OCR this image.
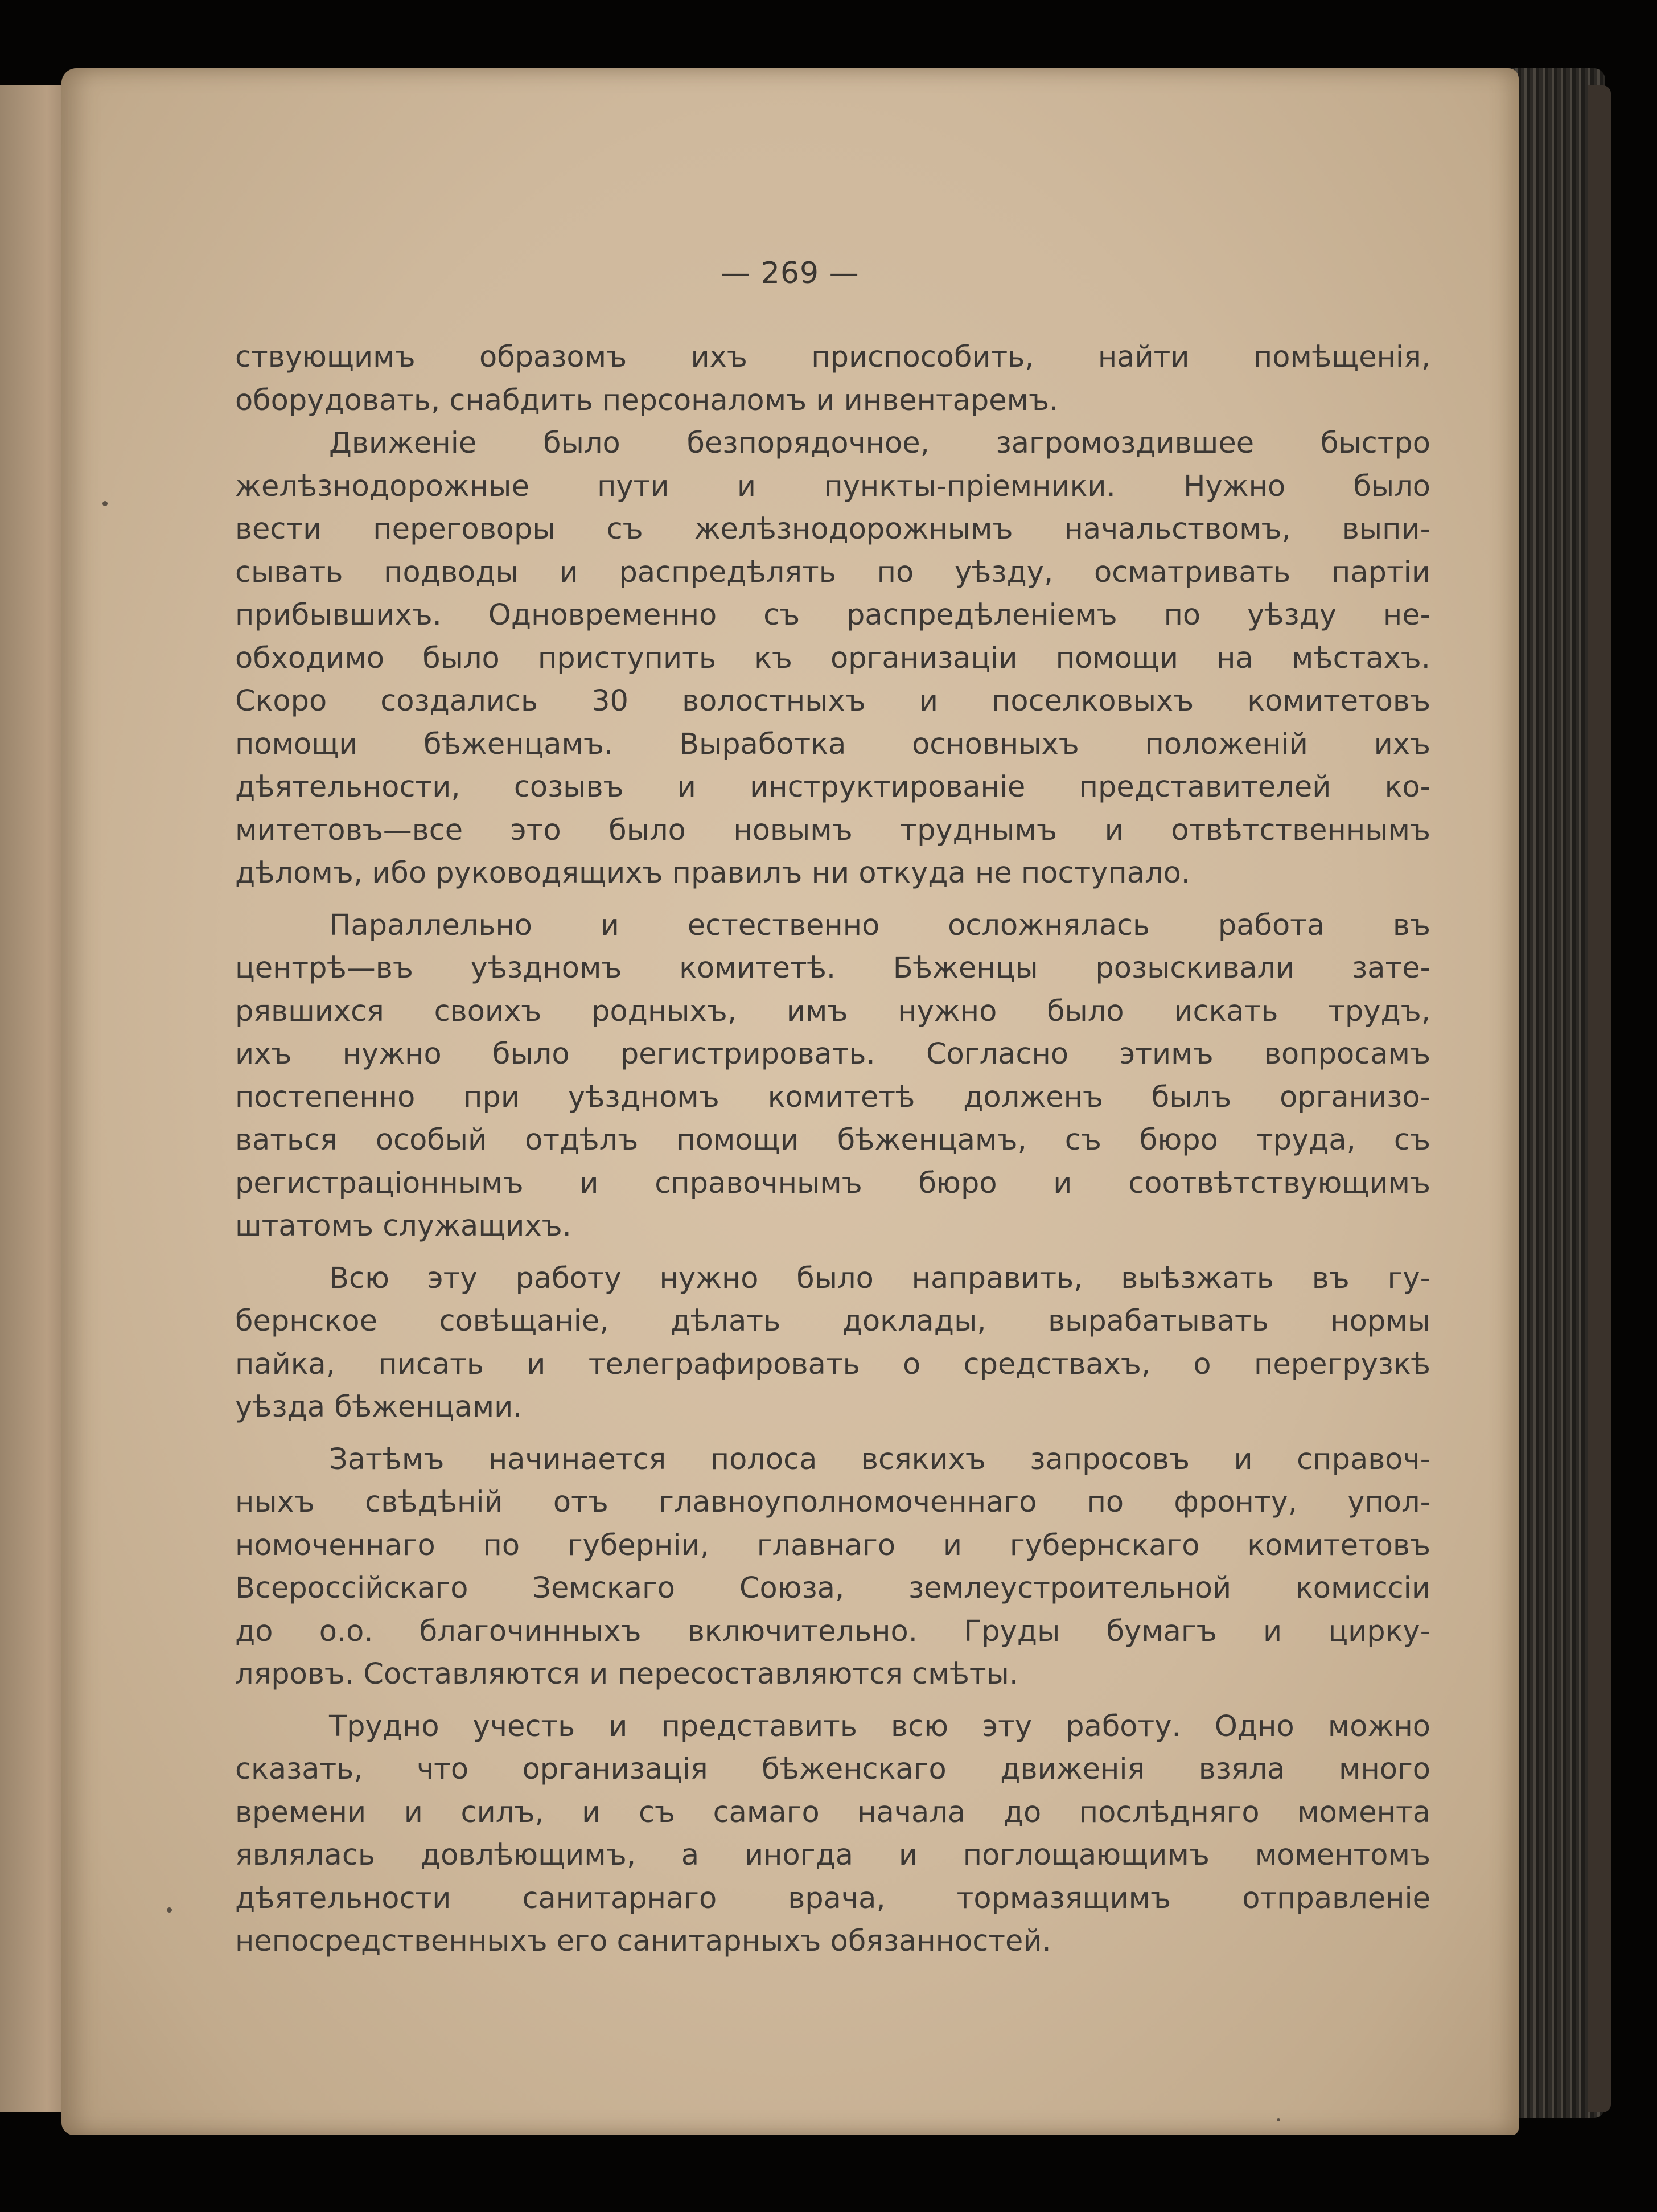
— 269 —
ствующимъ образомъ ихъ приспособить, найти помѣщенія,
оборудовать, снабдить персоналомъ и инвентаремъ.
Движеніе было безпорядочное, загромоздившее быстро
желѣзнодорожные пути и пункты-пріемники. Нужно было
вести переговоры съ желѣзнодорожнымъ начальствомъ, выпи-
сывать подводы и распредѣлять по уѣзду, осматривать партіи
прибывшихъ. Одновременно съ распредѣленіемъ по уѣзду не-
обходимо было приступить къ организаціи помощи на мѣстахъ.
Скоро создались 30 волостныхъ и поселковыхъ комитетовъ
помощи бѣженцамъ. Выработка основныхъ положеній ихъ
дѣятельности, созывъ и инструктированіе представителей ко-
митетовъ—все это было новымъ труднымъ и отвѣтственнымъ
дѣломъ, ибо руководящихъ правилъ ни откуда не поступало.
Параллельно и естественно осложнялась работа въ
центрѣ—въ уѣздномъ комитетѣ. Бѣженцы розыскивали зате-
рявшихся своихъ родныхъ, имъ нужно было искать трудъ,
ихъ нужно было регистрировать. Согласно этимъ вопросамъ
постепенно при уѣздномъ комитетѣ долженъ былъ организо-
ваться особый отдѣлъ помощи бѣженцамъ, съ бюро труда, съ
регистраціоннымъ и справочнымъ бюро и соотвѣтствующимъ
штатомъ служащихъ.
Всю эту работу нужно было направить, выѣзжать въ гу-
бернское совѣщаніе, дѣлать доклады, вырабатывать нормы
пайка, писать и телеграфировать о средствахъ, о перегрузкѣ
уѣзда бѣженцами.
Затѣмъ начинается полоса всякихъ запросовъ и справоч-
ныхъ свѣдѣній отъ главноуполномоченнаго по фронту, упол-
номоченнаго по губерніи, главнаго и губернскаго комитетовъ
Всероссійскаго Земскаго Союза, землеустроительной комиссіи
до о.о. благочинныхъ включительно. Груды бумагъ и цирку-
ляровъ. Составляются и пересоставляются смѣты.
Трудно учесть и представить всю эту работу. Одно можно
сказать, что организація бѣженскаго движенія взяла много
времени и силъ, и съ самаго начала до послѣдняго момента
являлась довлѣющимъ, а иногда и поглощающимъ моментомъ
дѣятельности санитарнаго врача, тормазящимъ отправленіе
непосредственныхъ его санитарныхъ обязанностей.
